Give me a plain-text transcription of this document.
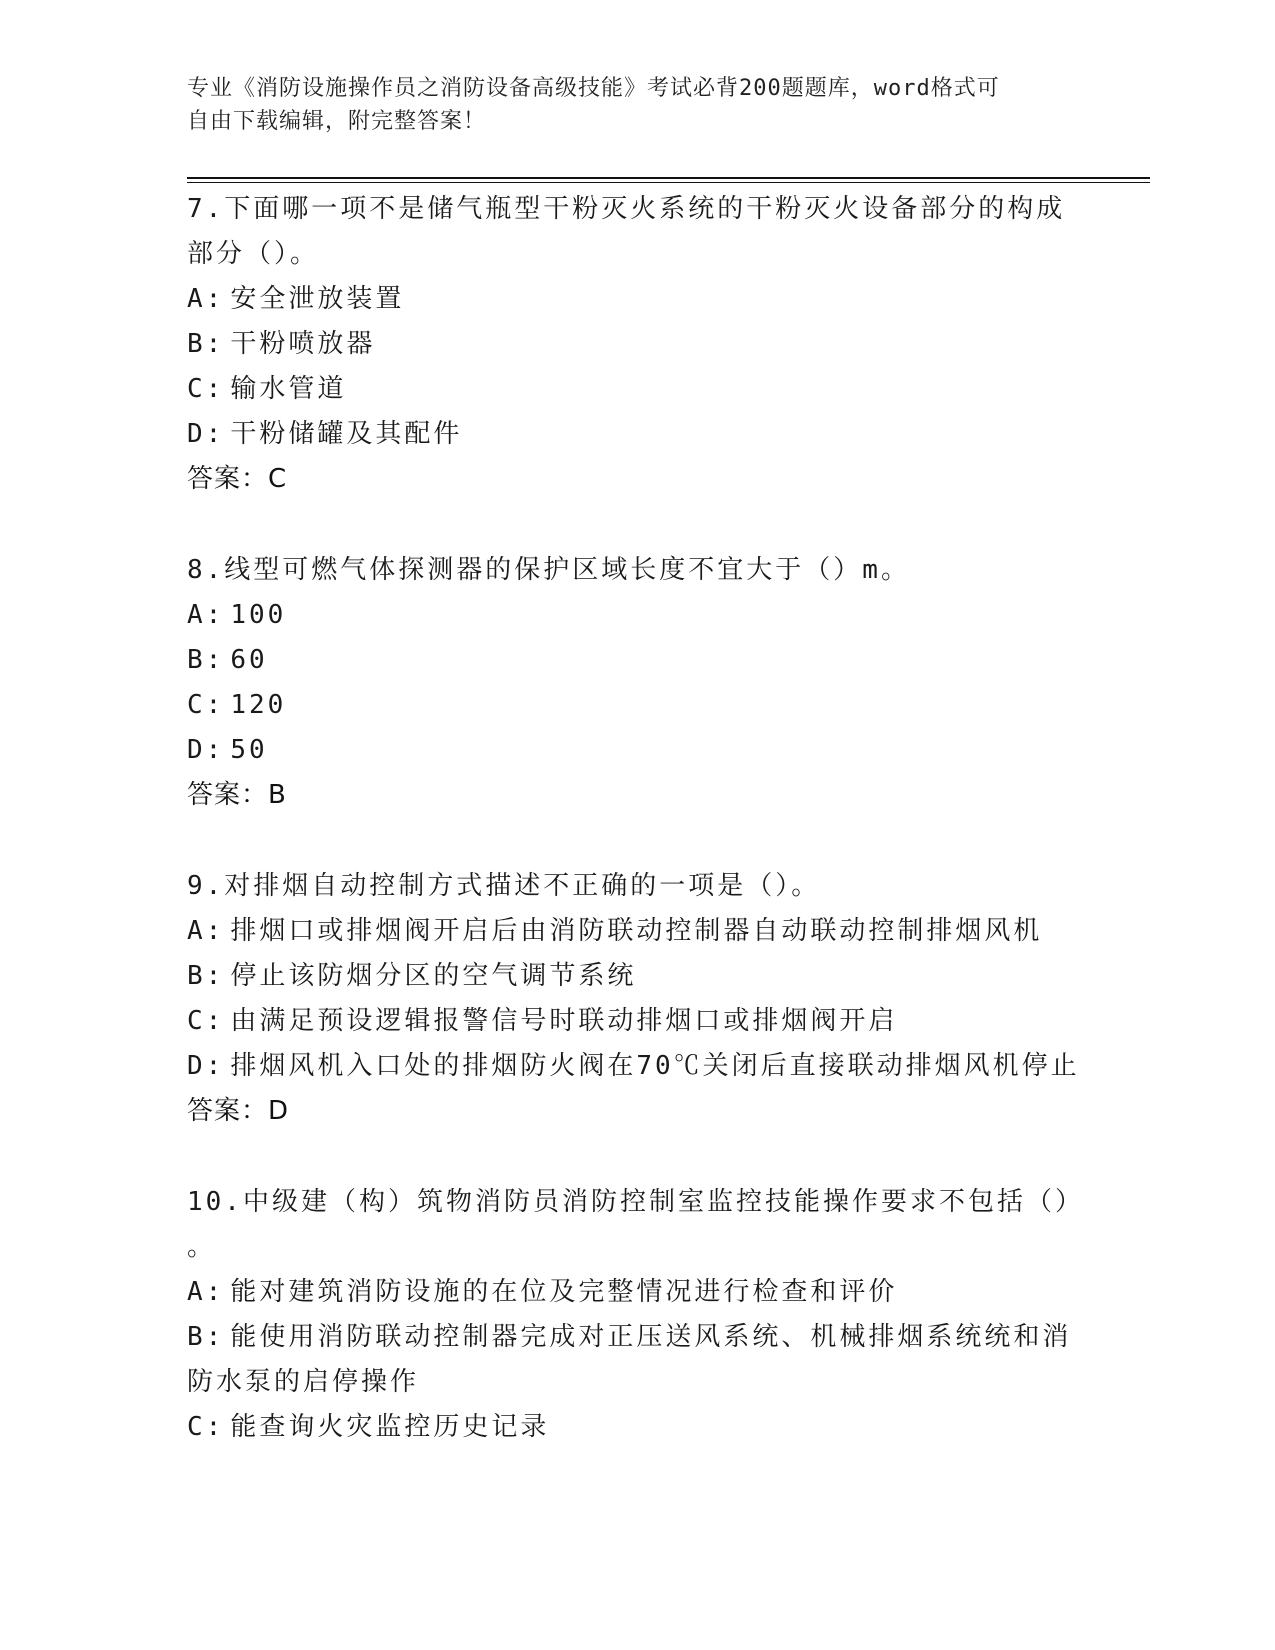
专业《消防设施操作员之消防设备高级技能》考试必背200题题库，word格式可
自由下载编辑，附完整答案！
7.下面哪一项不是储气瓶型干粉灭火系统的干粉灭火设备部分的构成
部分（）。
A: 安全泄放装置
B: 干粉喷放器
C: 输水管道
D: 干粉储罐及其配件
答案：C
8.线型可燃气体探测器的保护区域长度不宜大于（）m。
A: 100
B: 60
C: 120
D: 50
答案：B
9.对排烟自动控制方式描述不正确的一项是（）。
A: 排烟口或排烟阀开启后由消防联动控制器自动联动控制排烟风机
B: 停止该防烟分区的空气调节系统
C: 由满足预设逻辑报警信号时联动排烟口或排烟阀开启
D: 排烟风机入口处的排烟防火阀在70℃关闭后直接联动排烟风机停止
答案：D
10.中级建（构）筑物消防员消防控制室监控技能操作要求不包括（）
。
A: 能对建筑消防设施的在位及完整情况进行检查和评价
B: 能使用消防联动控制器完成对正压送风系统、机械排烟系统统和消
防水泵的启停操作
C: 能查询火灾监控历史记录
